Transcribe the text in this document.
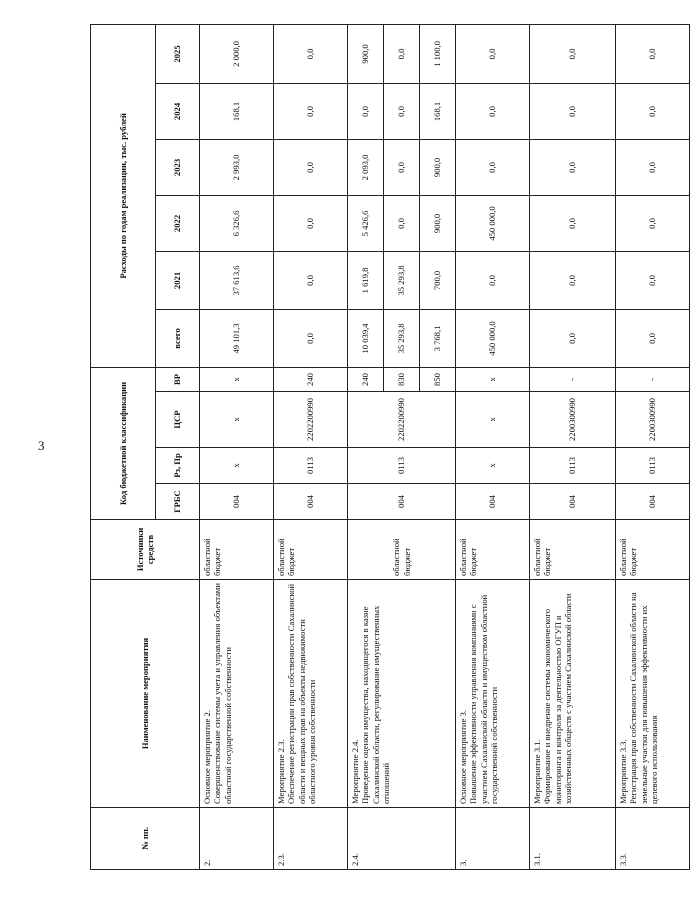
3
№ пп.	Наименование мероприятия	Источники средств	Код бюджетной классификации				Расходы по годам реализации, тыс. рублей					
			ГРБС	Рз, Пр	ЦСР	ВР	всего	2021	2022	2023	2024	2025
2.	Основное мероприятие 2. Совершенствование системы учета и управления объектами областной государственной собственности	областной бюджет	004	х	х	х	49 101,3	37 613,6	6 326,6	2 993,0	168,1	2 000,0
2.3.	Мероприятие 2.3. Обеспечение регистрации прав собственности Сахалинской области и вещных прав на объекты недвижимости областного уровня собственности	областной бюджет	004	0113	2202200990	240	0,0	0,0	0,0	0,0	0,0	0,0
2.4.	Мероприятие 2.4. Проведение оценки имущества, находящегося в казне Сахалинской области, регулирование имущественных отношений	областной бюджет	004	0113	2202200990	240	10 039,4	1 619,8	5 426,6	2 093,0	0,0	900,0
						830	35 293,8	35 293,8	0,0	0,0	0,0	0,0
						850	3 768,1	700,0	900,0	900,0	168,1	1 100,0
3.	Основное мероприятие 3. Повышение эффективности управления компаниями с участием Сахалинской области и имуществом областной государственной собственности	областной бюджет	004	х	х	х	450 000,0	0,0	450 000,0	0,0	0,0	0,0
3.1.	Мероприятие 3.1. Формирование и внедрение системы экономического мониторинга и контроля за деятельностью ОГУП и хозяйственных обществ с участием Сахалинской области	областной бюджет	004	0113	2200300990	-	0,0	0,0	0,0	0,0	0,0	0,0
3.3.	Мероприятие 3.3. Регистрация прав собственности Сахалинской области на земельные участки для повышения эффективности их целевого использования	областной бюджет	004	0113	2200300990	-	0,0	0,0	0,0	0,0	0,0	0,0
